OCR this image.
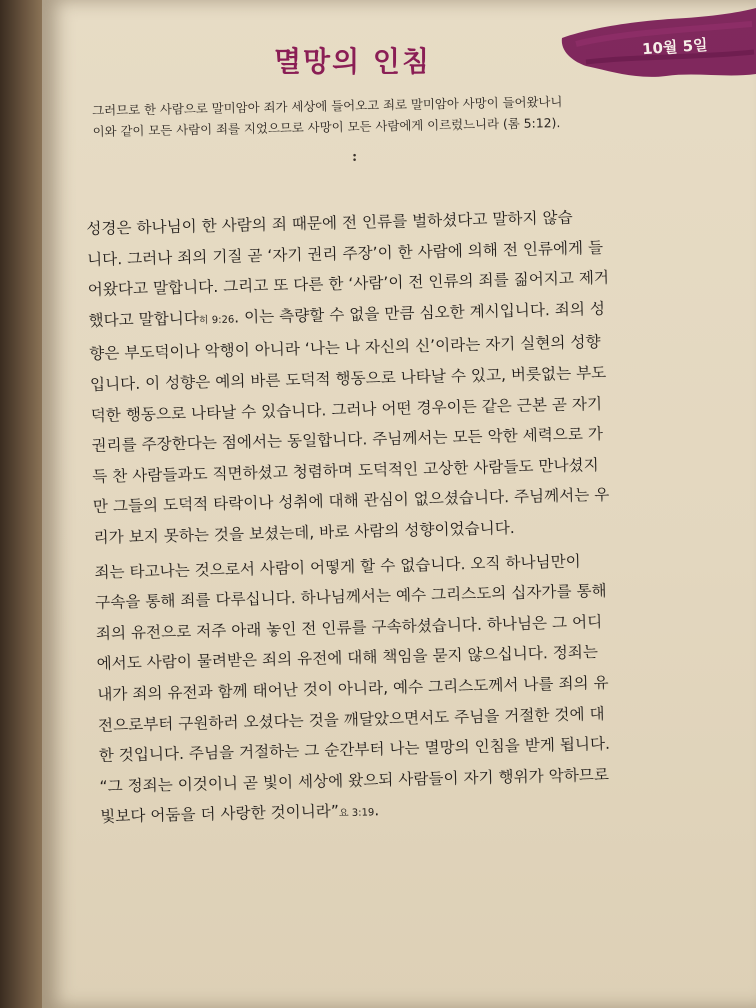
10월 5일
멸망의 인침
그러므로 한 사람으로 말미암아 죄가 세상에 들어오고 죄로 말미암아 사망이 들어왔나니
이와 같이 모든 사람이 죄를 지었으므로 사망이 모든 사람에게 이르렀느니라 (롬 5:12).
:
성경은 하나님이 한 사람의 죄 때문에 전 인류를 벌하셨다고 말하지 않습
니다. 그러나 죄의 기질 곧 ‘자기 권리 주장’이 한 사람에 의해 전 인류에게 들
어왔다고 말합니다. 그리고 또 다른 한 ‘사람’이 전 인류의 죄를 짊어지고 제거
했다고 말합니다히 9:26. 이는 측량할 수 없을 만큼 심오한 계시입니다. 죄의 성
향은 부도덕이나 악행이 아니라 ‘나는 나 자신의 신’이라는 자기 실현의 성향
입니다. 이 성향은 예의 바른 도덕적 행동으로 나타날 수 있고, 버릇없는 부도
덕한 행동으로 나타날 수 있습니다. 그러나 어떤 경우이든 같은 근본 곧 자기
권리를 주장한다는 점에서는 동일합니다. 주님께서는 모든 악한 세력으로 가
득 찬 사람들과도 직면하셨고 청렴하며 도덕적인 고상한 사람들도 만나셨지
만 그들의 도덕적 타락이나 성취에 대해 관심이 없으셨습니다. 주님께서는 우
리가 보지 못하는 것을 보셨는데, 바로 사람의 성향이었습니다.
죄는 타고나는 것으로서 사람이 어떻게 할 수 없습니다. 오직 하나님만이
구속을 통해 죄를 다루십니다. 하나님께서는 예수 그리스도의 십자가를 통해
죄의 유전으로 저주 아래 놓인 전 인류를 구속하셨습니다. 하나님은 그 어디
에서도 사람이 물려받은 죄의 유전에 대해 책임을 묻지 않으십니다. 정죄는
내가 죄의 유전과 함께 태어난 것이 아니라, 예수 그리스도께서 나를 죄의 유
전으로부터 구원하러 오셨다는 것을 깨달았으면서도 주님을 거절한 것에 대
한 것입니다. 주님을 거절하는 그 순간부터 나는 멸망의 인침을 받게 됩니다.
“그 정죄는 이것이니 곧 빛이 세상에 왔으되 사람들이 자기 행위가 악하므로
빛보다 어둠을 더 사랑한 것이니라”요 3:19.
